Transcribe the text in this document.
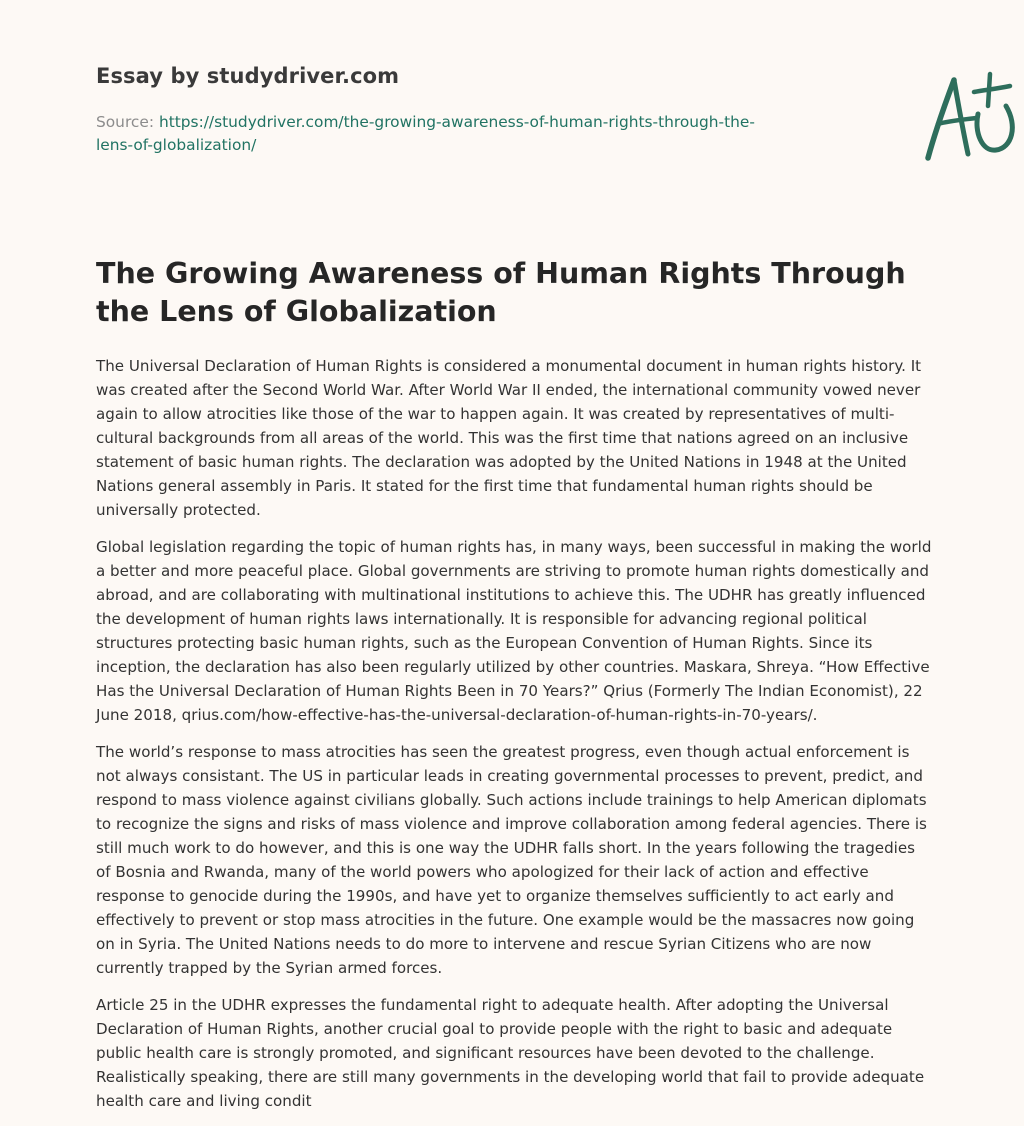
Essay by studydriver.com
Source: https://studydriver.com/the-growing-awareness-of-human-rights-through-the-lens-of-globalization/
The Growing Awareness of Human Rights Through the Lens of Globalization

The Universal Declaration of Human Rights is considered a monumental document in human rights history. It was created after the Second World War. After World War II ended, the international community vowed never again to allow atrocities like those of the war to happen again. It was created by representatives of multi-cultural backgrounds from all areas of the world. This was the first time that nations agreed on an inclusive statement of basic human rights. The declaration was adopted by the United Nations in 1948 at the United Nations general assembly in Paris. It stated for the first time that fundamental human rights should be universally protected.

Global legislation regarding the topic of human rights has, in many ways, been successful in making the world a better and more peaceful place. Global governments are striving to promote human rights domestically and abroad, and are collaborating with multinational institutions to achieve this. The UDHR has greatly influenced the development of human rights laws internationally. It is responsible for advancing regional political structures protecting basic human rights, such as the European Convention of Human Rights. Since its inception, the declaration has also been regularly utilized by other countries. Maskara, Shreya. “How Effective Has the Universal Declaration of Human Rights Been in 70 Years?” Qrius (Formerly The Indian Economist), 22 June 2018, qrius.com/how-effective-has-the-universal-declaration-of-human-rights-in-70-years/.

The world’s response to mass atrocities has seen the greatest progress, even though actual enforcement is not always consistant. The US in particular leads in creating governmental processes to prevent, predict, and respond to mass violence against civilians globally. Such actions include trainings to help American diplomats to recognize the signs and risks of mass violence and improve collaboration among federal agencies. There is still much work to do however, and this is one way the UDHR falls short. In the years following the tragedies of Bosnia and Rwanda, many of the world powers who apologized for their lack of action and effective response to genocide during the 1990s, and have yet to organize themselves sufficiently to act early and effectively to prevent or stop mass atrocities in the future. One example would be the massacres now going on in Syria. The United Nations needs to do more to intervene and rescue Syrian Citizens who are now currently trapped by the Syrian armed forces.

Article 25 in the UDHR expresses the fundamental right to adequate health. After adopting the Universal Declaration of Human Rights, another crucial goal to provide people with the right to basic and adequate public health care is strongly promoted, and significant resources have been devoted to the challenge. Realistically speaking, there are still many governments in the developing world that fail to provide adequate health care and living condit
